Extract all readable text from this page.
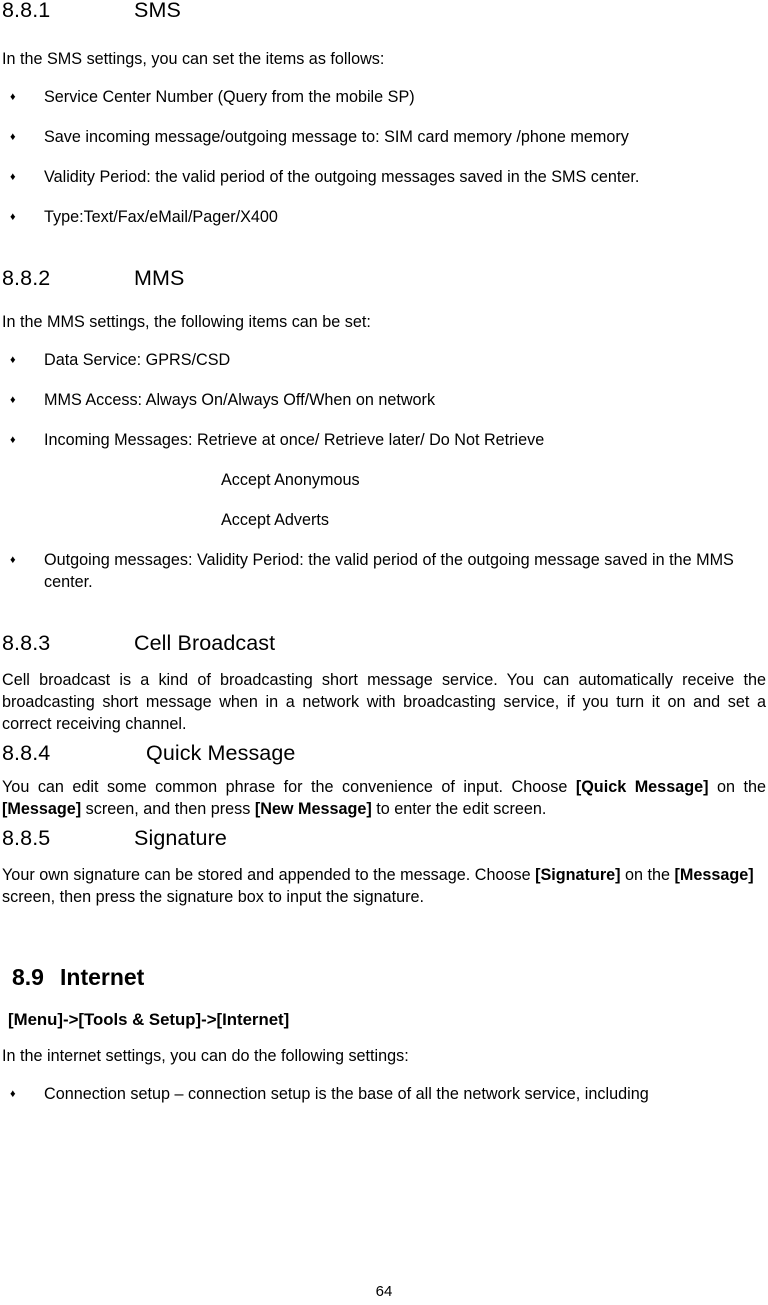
8.8.1	SMS

In the SMS settings, you can set the items as follows:

♦ Service Center Number (Query from the mobile SP)
♦ Save incoming message/outgoing message to: SIM card memory /phone memory
♦ Validity Period: the valid period of the outgoing messages saved in the SMS center.
♦ Type:Text/Fax/eMail/Pager/X400
8.8.2	MMS

In the MMS settings, the following items can be set:

♦ Data Service: GPRS/CSD
♦ MMS Access: Always On/Always Off/When on network
♦ Incoming Messages: Retrieve at once/ Retrieve later/ Do Not Retrieve

Accept Anonymous

Accept Adverts

♦ Outgoing messages: Validity Period: the valid period of the outgoing message saved in the MMS center.
8.8.3	Cell Broadcast

Cell broadcast is a kind of broadcasting short message service. You can automatically receive the broadcasting short message when in a network with broadcasting service, if you turn it on and set a correct receiving channel.

8.8.4	Quick Message

You can edit some common phrase for the convenience of input. Choose [Quick Message] on the [Message] screen, and then press [New Message] to enter the edit screen.

8.8.5	Signature

Your own signature can be stored and appended to the message. Choose [Signature] on the [Message] screen, then press the signature box to input the signature.

8.9 Internet

[Menu]->[Tools & Setup]->[Internet]

In the internet settings, you can do the following settings:

♦ Connection setup – connection setup is the base of all the network service, including
64
